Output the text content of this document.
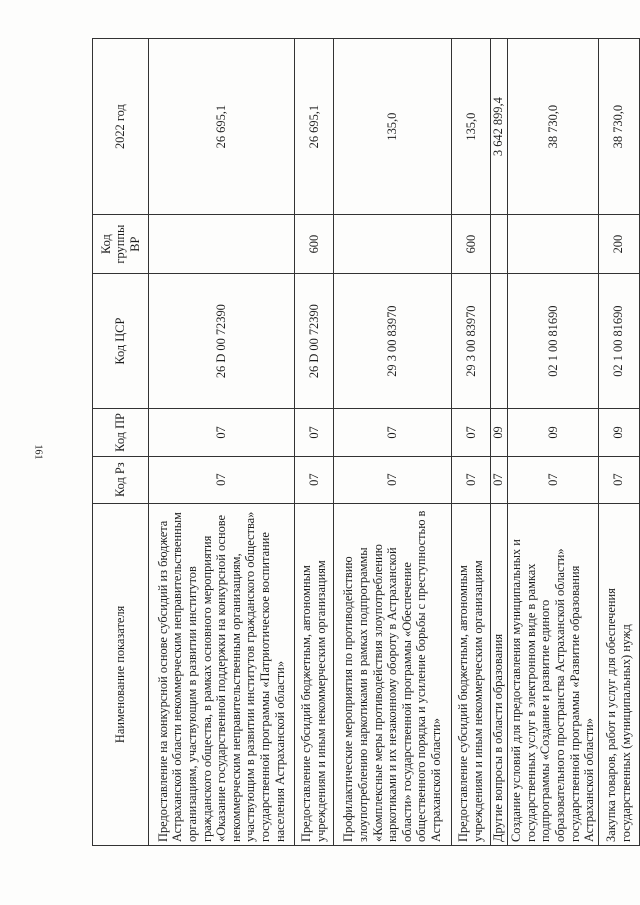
161
Наименование показателя	Код Рз	Код ПР	Код ЦСР	Код группы ВР	2022 год
Предоставление на конкурсной основе субсидий из бюджета Астраханской области некоммерческим неправительственным организациям, участвующим в развитии институтов гражданского общества, в рамках основного мероприятия «Оказание государственной поддержки на конкурсной основе некоммерческим неправительственным организациям, участвующим в развитии институтов гражданского общества» государственной программы «Патриотическое воспитание населения Астраханской области»	07	07	26 D 00 72390		26 695,1
Предоставление субсидий бюджетным, автономным учреждениям и иным некоммерческим организациям	07	07	26 D 00 72390	600	26 695,1
Профилактические мероприятия по противодействию злоупотреблению наркотиками в рамках подпрограммы «Комплексные меры противодействия злоупотреблению наркотиками и их незаконному обороту в Астраханской области» государственной программы «Обеспечение общественного порядка и усиление борьбы с преступностью в Астраханской области»	07	07	29 3 00 83970		135,0
Предоставление субсидий бюджетным, автономным учреждениям и иным некоммерческим организациям	07	07	29 3 00 83970	600	135,0
Другие вопросы в области образования	07	09			3 642 899,4
Создание условий для предоставления муниципальных и государственных услуг в электронном виде в рамках подпрограммы «Создание и развитие единого образовательного пространства Астраханской области» государственной программы «Развитие образования Астраханской области»	07	09	02 1 00 81690		38 730,0
Закупка товаров, работ и услуг для обеспечения государственных (муниципальных) нужд	07	09	02 1 00 81690	200	38 730,0
